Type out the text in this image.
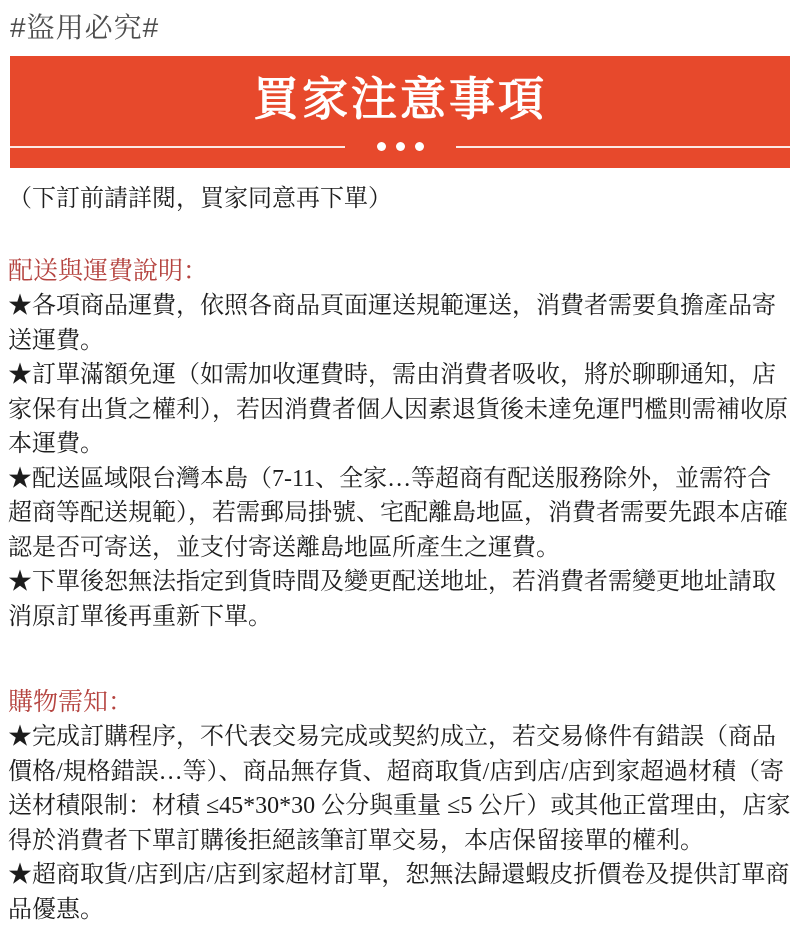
#盜用必究#
買家注意事項
（下訂前請詳閱，買家同意再下單）
配送與運費說明：

★各項商品運費，依照各商品頁面運送規範運送，消費者需要負擔產品寄送運費。

★訂單滿額免運（如需加收運費時，需由消費者吸收，將於聊聊通知，店家保有出貨之權利），若因消費者個人因素退貨後未達免運門檻則需補收原本運費。

★配送區域限台灣本島（7-11、全家…等超商有配送服務除外，並需符合超商等配送規範），若需郵局掛號、宅配離島地區，消費者需要先跟本店確認是否可寄送，並支付寄送離島地區所產生之運費。

★下單後恕無法指定到貨時間及變更配送地址，若消費者需變更地址請取消原訂單後再重新下單。

購物需知：

★完成訂購程序，不代表交易完成或契約成立，若交易條件有錯誤（商品價格/規格錯誤…等）、商品無存貨、超商取貨/店到店/店到家超過材積（寄送材積限制：材積 ≤45*30*30 公分與重量 ≤5 公斤）或其他正當理由，店家得於消費者下單訂購後拒絕該筆訂單交易，本店保留接單的權利。

★超商取貨/店到店/店到家超材訂單，恕無法歸還蝦皮折價卷及提供訂單商品優惠。
